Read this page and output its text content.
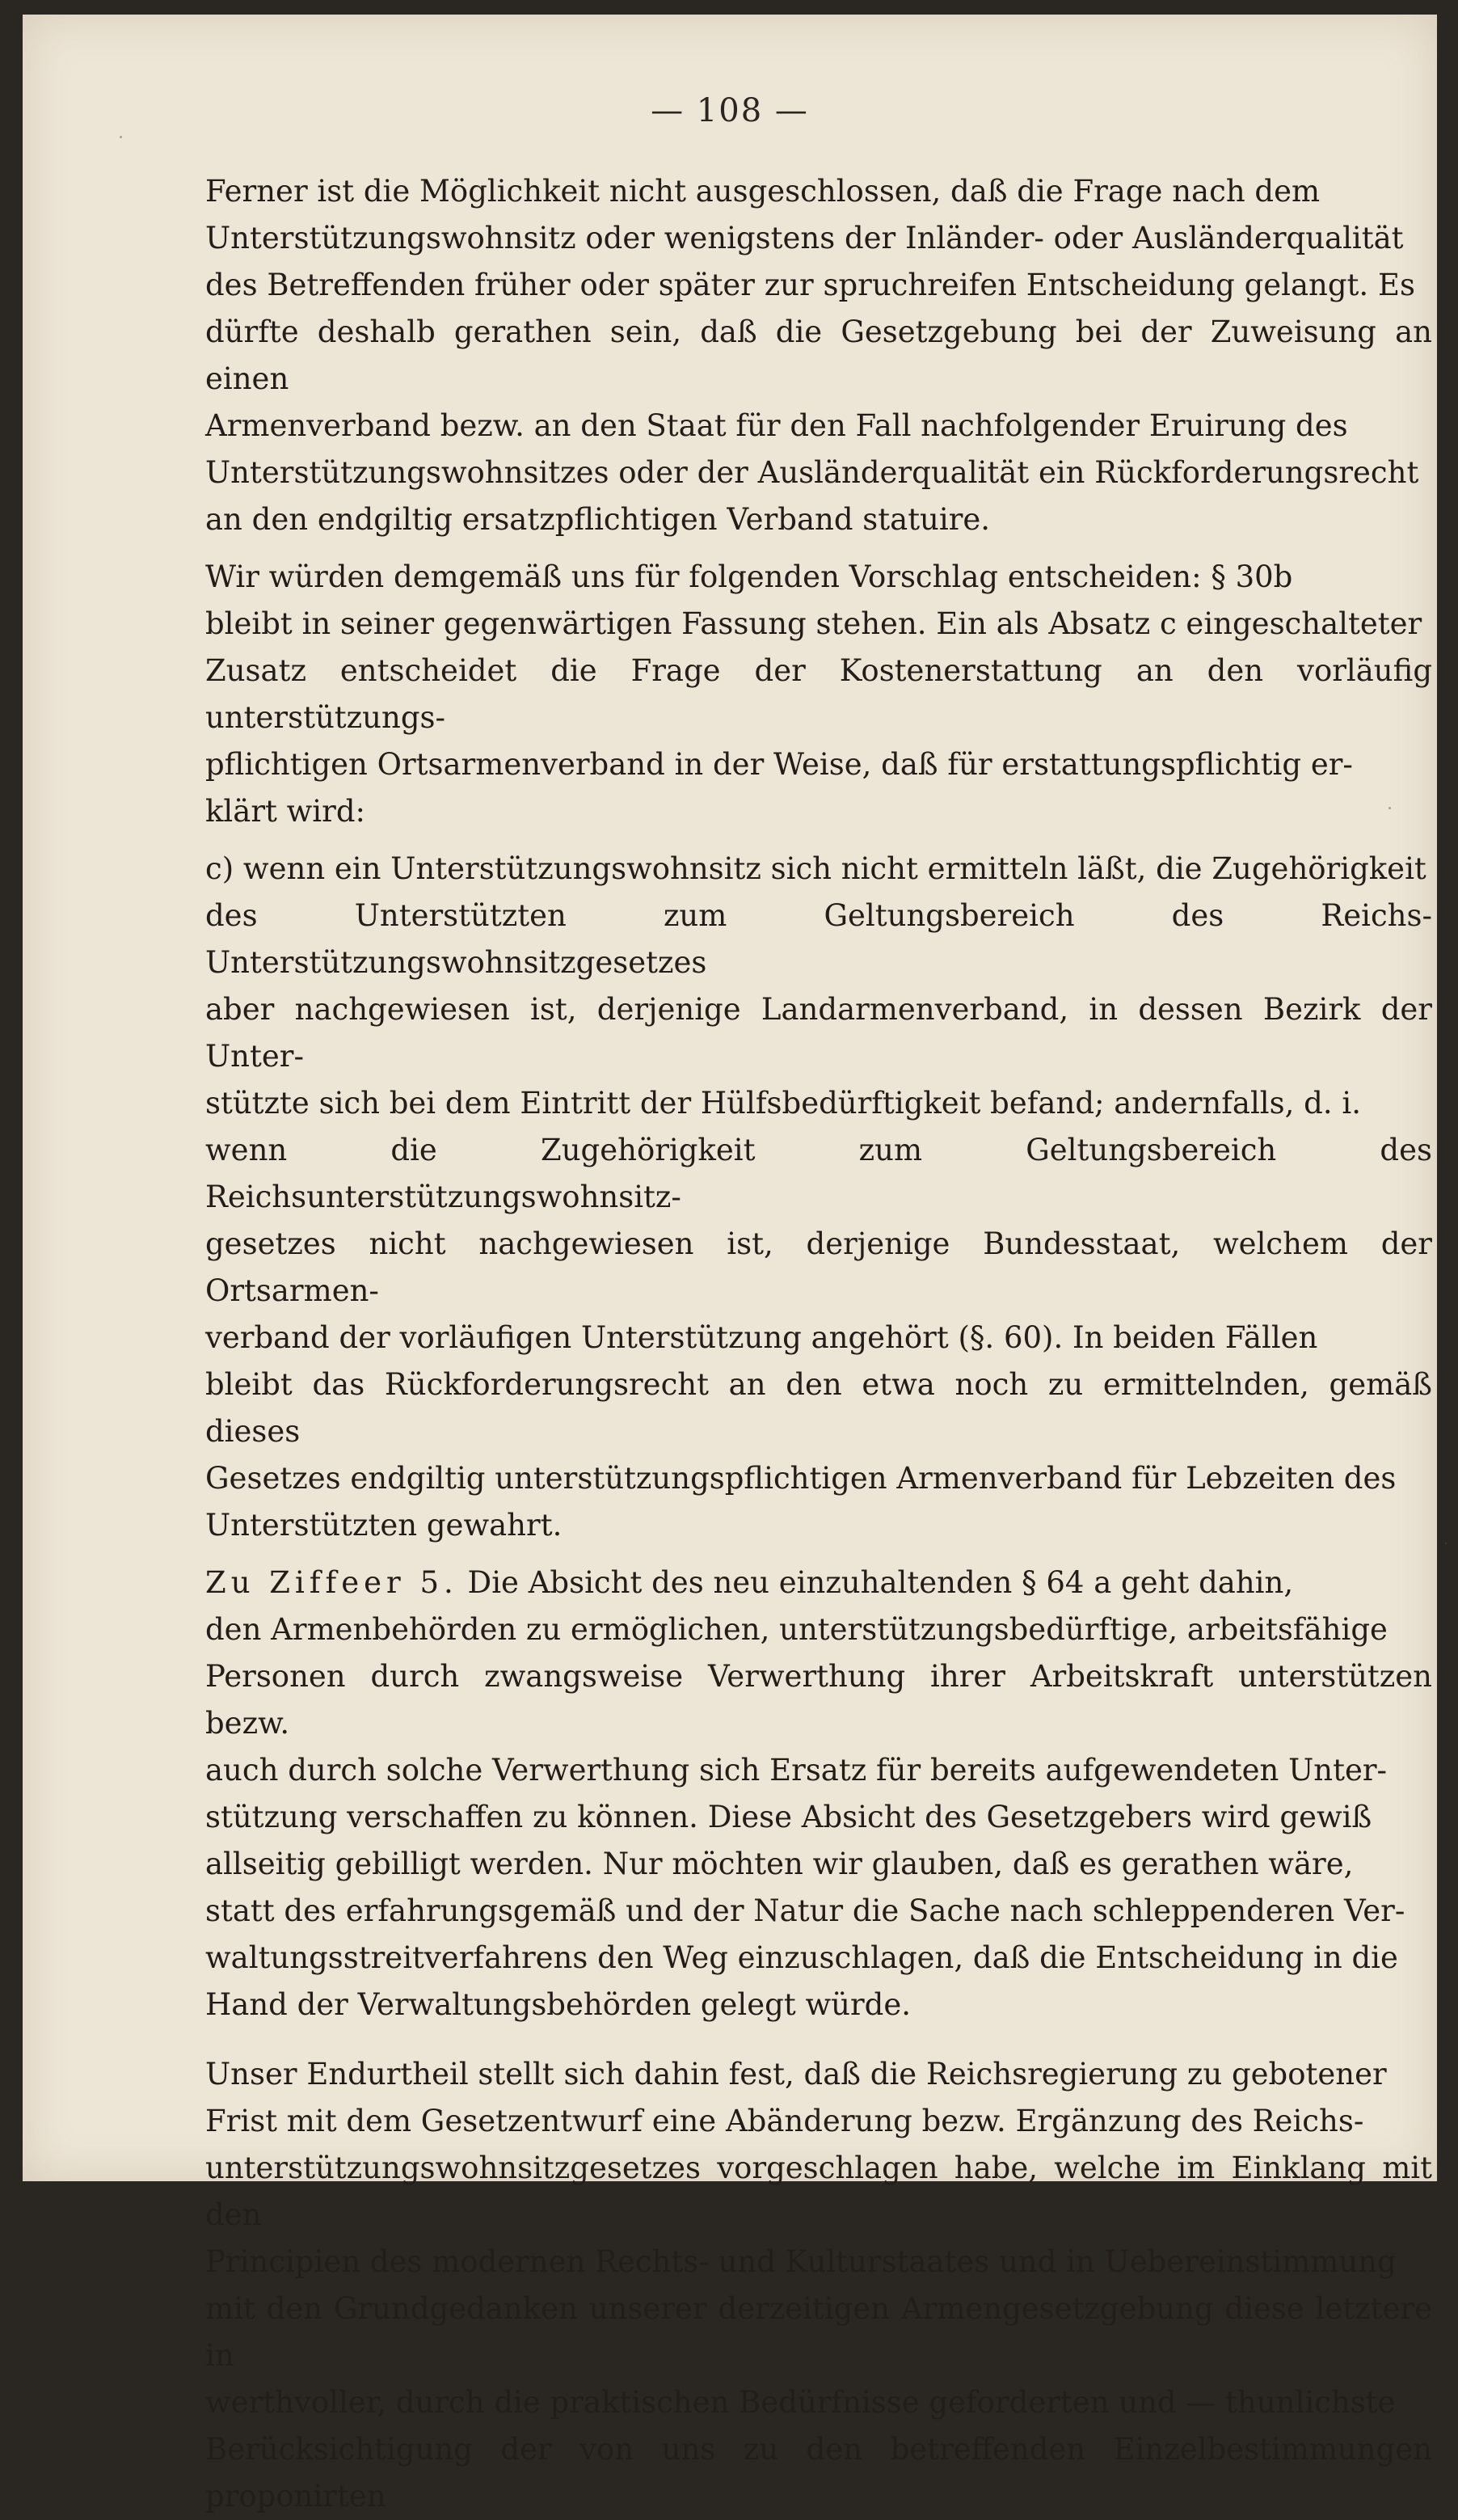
— 108 —

Ferner ist die Möglichkeit nicht ausgeschlossen, daß die Frage nach dem
Unterstützungswohnsitz oder wenigstens der Inländer- oder Ausländerqualität
des Betreffenden früher oder später zur spruchreifen Entscheidung gelangt. Es
dürfte deshalb gerathen sein, daß die Gesetzgebung bei der Zuweisung an einen
Armenverband bezw. an den Staat für den Fall nachfolgender Eruirung des
Unterstützungswohnsitzes oder der Ausländerqualität ein Rückforderungsrecht
an den endgiltig ersatzpflichtigen Verband statuire.

Wir würden demgemäß uns für folgenden Vorschlag entscheiden: § 30b
bleibt in seiner gegenwärtigen Fassung stehen. Ein als Absatz c eingeschalteter
Zusatz entscheidet die Frage der Kostenerstattung an den vorläufig unterstützungs-
pflichtigen Ortsarmenverband in der Weise, daß für erstattungspflichtig er-
klärt wird:

c) wenn ein Unterstützungswohnsitz sich nicht ermitteln läßt, die Zugehörigkeit
des Unterstützten zum Geltungsbereich des Reichs-Unterstützungswohnsitzgesetzes
aber nachgewiesen ist, derjenige Landarmenverband, in dessen Bezirk der Unter-
stützte sich bei dem Eintritt der Hülfsbedürftigkeit befand; andernfalls, d. i.
wenn die Zugehörigkeit zum Geltungsbereich des Reichsunterstützungswohnsitz-
gesetzes nicht nachgewiesen ist, derjenige Bundesstaat, welchem der Ortsarmen-
verband der vorläufigen Unterstützung angehört (§. 60). In beiden Fällen
bleibt das Rückforderungsrecht an den etwa noch zu ermittelnden, gemäß dieses
Gesetzes endgiltig unterstützungspflichtigen Armenverband für Lebzeiten des
Unterstützten gewahrt.

Zu Ziffeer 5. Die Absicht des neu einzuhaltenden § 64 a geht dahin,
den Armenbehörden zu ermöglichen, unterstützungsbedürftige, arbeitsfähige
Personen durch zwangsweise Verwerthung ihrer Arbeitskraft unterstützen bezw.
auch durch solche Verwerthung sich Ersatz für bereits aufgewendeten Unter-
stützung verschaffen zu können. Diese Absicht des Gesetzgebers wird gewiß
allseitig gebilligt werden. Nur möchten wir glauben, daß es gerathen wäre,
statt des erfahrungsgemäß und der Natur die Sache nach schleppenderen Ver-
waltungsstreitverfahrens den Weg einzuschlagen, daß die Entscheidung in die
Hand der Verwaltungsbehörden gelegt würde.

Unser Endurtheil stellt sich dahin fest, daß die Reichsregierung zu gebotener
Frist mit dem Gesetzentwurf eine Abänderung bezw. Ergänzung des Reichs-
unterstützungswohnsitzgesetzes vorgeschlagen habe, welche im Einklang mit den
Principien des modernen Rechts- und Kulturstaates und in Uebereinstimmung
mit den Grundgedanken unserer derzeitigen Armengesetzgebung diese letztere in
werthvoller, durch die praktischen Bedürfnisse geforderten und — thunlichste
Berücksichtigung der von uns zu den betreffenden Einzelbestimmungen proponirten
